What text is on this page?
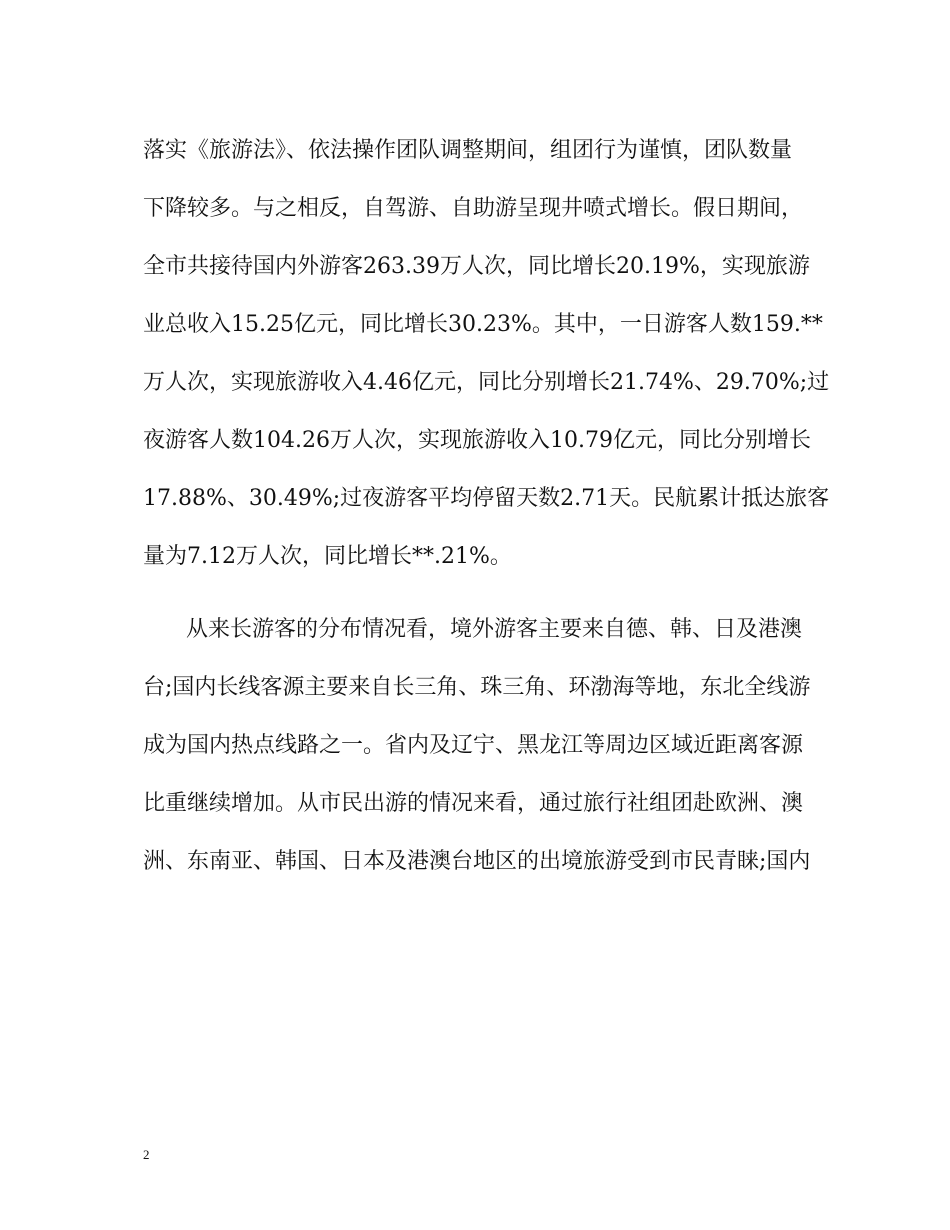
落实《旅游法》、依法操作团队调整期间，组团行为谨慎，团队数量
下降较多。与之相反，自驾游、自助游呈现井喷式增长。假日期间，
全市共接待国内外游客263.39万人次，同比增长20.19%，实现旅游
业总收入15.25亿元，同比增长30.23%。其中，一日游客人数159.**
万人次，实现旅游收入4.46亿元，同比分别增长21.74%、29.70%;过
夜游客人数104.26万人次，实现旅游收入10.79亿元，同比分别增长
17.88%、30.49%;过夜游客平均停留天数2.71天。民航累计抵达旅客
量为7.12万人次，同比增长**.21%。
从来长游客的分布情况看，境外游客主要来自德、韩、日及港澳
台;国内长线客源主要来自长三角、珠三角、环渤海等地，东北全线游
成为国内热点线路之一。省内及辽宁、黑龙江等周边区域近距离客源
比重继续增加。从市民出游的情况来看，通过旅行社组团赴欧洲、澳
洲、东南亚、韩国、日本及港澳台地区的出境旅游受到市民青睐;国内
2
